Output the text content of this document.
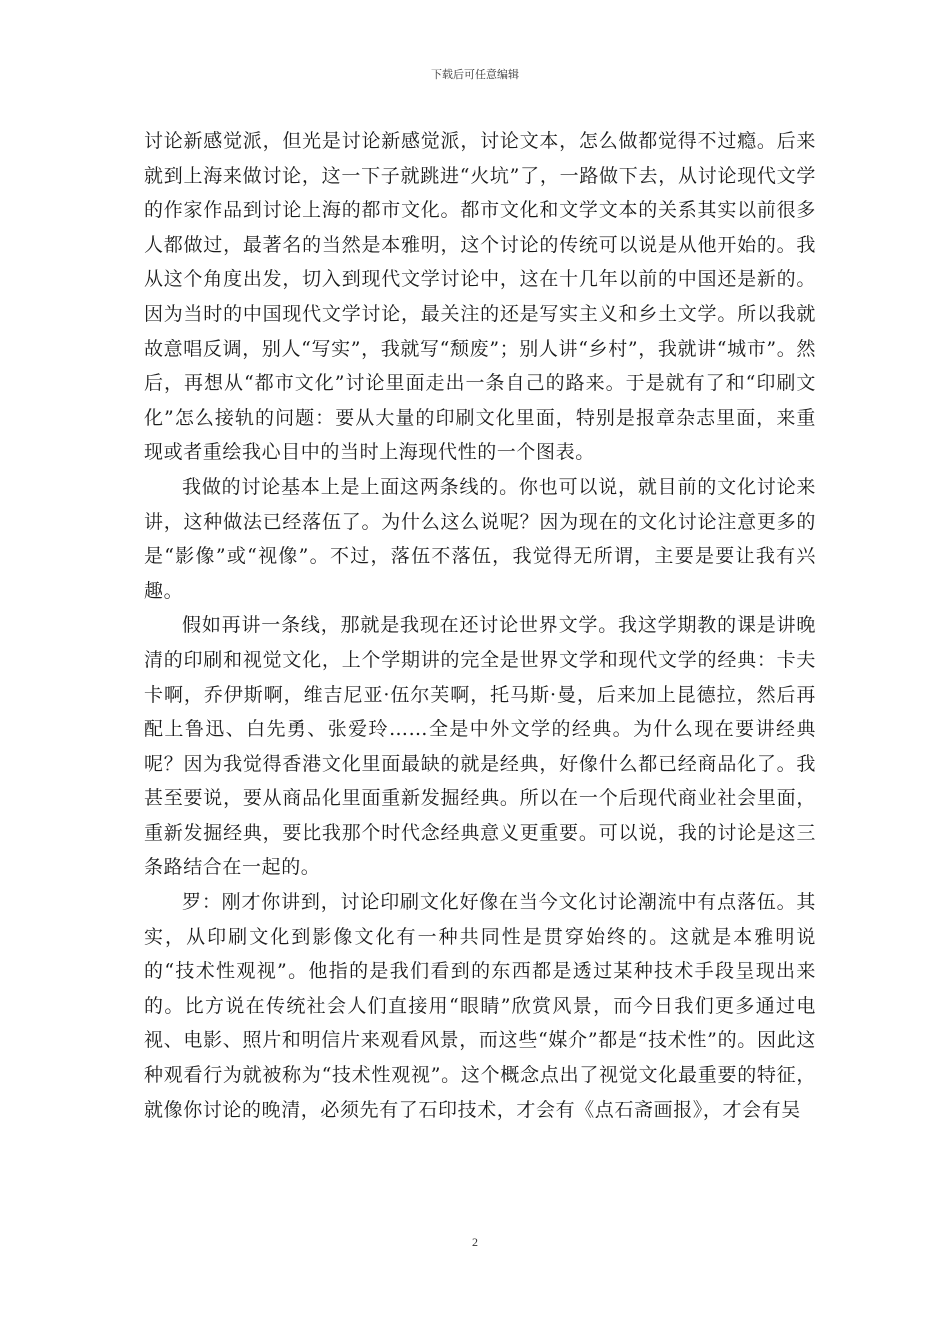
下载后可任意编辑

讨论新感觉派，但光是讨论新感觉派，讨论文本，怎么做都觉得不过瘾。后来就到上海来做讨论，这一下子就跳进“火坑”了，一路做下去，从讨论现代文学的作家作品到讨论上海的都市文化。都市文化和文学文本的关系其实以前很多人都做过，最著名的当然是本雅明，这个讨论的传统可以说是从他开始的。我从这个角度出发，切入到现代文学讨论中，这在十几年以前的中国还是新的。因为当时的中国现代文学讨论，最关注的还是写实主义和乡土文学。所以我就故意唱反调，别人“写实”，我就写“颓废”；别人讲“乡村”，我就讲“城市”。然后，再想从“都市文化”讨论里面走出一条自己的路来。于是就有了和“印刷文化”怎么接轨的问题：要从大量的印刷文化里面，特别是报章杂志里面，来重现或者重绘我心目中的当时上海现代性的一个图表。

我做的讨论基本上是上面这两条线的。你也可以说，就目前的文化讨论来讲，这种做法已经落伍了。为什么这么说呢？因为现在的文化讨论注意更多的是“影像”或“视像”。不过，落伍不落伍，我觉得无所谓，主要是要让我有兴趣。

假如再讲一条线，那就是我现在还讨论世界文学。我这学期教的课是讲晚清的印刷和视觉文化，上个学期讲的完全是世界文学和现代文学的经典：卡夫卡啊，乔伊斯啊，维吉尼亚·伍尔芙啊，托马斯·曼，后来加上昆德拉，然后再配上鲁迅、白先勇、张爱玲……全是中外文学的经典。为什么现在要讲经典呢？因为我觉得香港文化里面最缺的就是经典，好像什么都已经商品化了。我甚至要说，要从商品化里面重新发掘经典。所以在一个后现代商业社会里面，重新发掘经典，要比我那个时代念经典意义更重要。可以说，我的讨论是这三条路结合在一起的。

罗：刚才你讲到，讨论印刷文化好像在当今文化讨论潮流中有点落伍。其实，从印刷文化到影像文化有一种共同性是贯穿始终的。这就是本雅明说的“技术性观视”。他指的是我们看到的东西都是透过某种技术手段呈现出来的。比方说在传统社会人们直接用“眼睛”欣赏风景，而今日我们更多通过电视、电影、照片和明信片来观看风景，而这些“媒介”都是“技术性”的。因此这种观看行为就被称为“技术性观视”。这个概念点出了视觉文化最重要的特征，就像你讨论的晚清，必须先有了石印技术，才会有《点石斋画报》，才会有吴

2
